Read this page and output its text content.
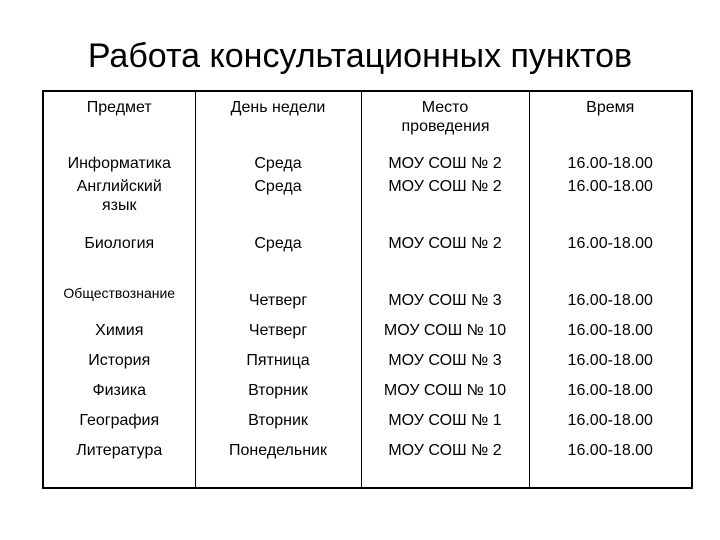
Работа консультационных пунктов
Предмет	День недели	Место проведения	Время
Информатика	Среда	МОУ СОШ № 2	16.00-18.00
Английский язык	Среда	МОУ СОШ № 2	16.00-18.00
Биология	Среда	МОУ СОШ № 2	16.00-18.00
Обществознание	Четверг	МОУ СОШ № 3	16.00-18.00
Химия	Четверг	МОУ СОШ № 10	16.00-18.00
История	Пятница	МОУ СОШ № 3	16.00-18.00
Физика	Вторник	МОУ СОШ № 10	16.00-18.00
География	Вторник	МОУ СОШ № 1	16.00-18.00
Литература	Понедельник	МОУ СОШ № 2	16.00-18.00
